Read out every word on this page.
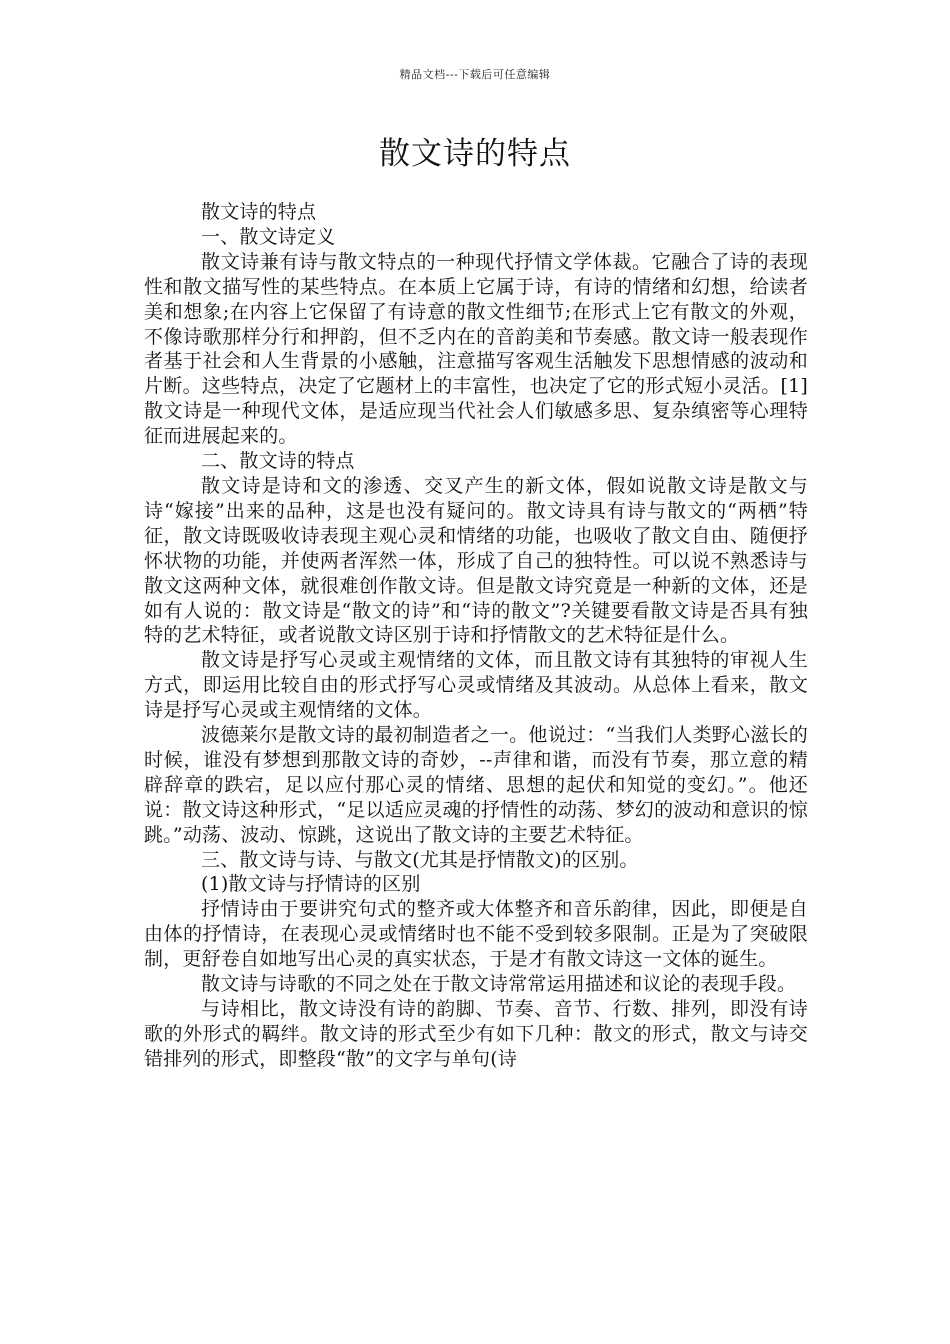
精品文档---下载后可任意编辑
散文诗的特点

散文诗的特点

一、散文诗定义

散文诗兼有诗与散文特点的一种现代抒情文学体裁。它融合了诗的表现性和散文描写性的某些特点。在本质上它属于诗，有诗的情绪和幻想，给读者美和想象;在内容上它保留了有诗意的散文性细节;在形式上它有散文的外观，不像诗歌那样分行和押韵，但不乏内在的音韵美和节奏感。散文诗一般表现作者基于社会和人生背景的小感触，注意描写客观生活触发下思想情感的波动和片断。这些特点，决定了它题材上的丰富性，也决定了它的形式短小灵活。[1]散文诗是一种现代文体，是适应现当代社会人们敏感多思、复杂缜密等心理特征而进展起来的。

二、散文诗的特点

散文诗是诗和文的渗透、交叉产生的新文体，假如说散文诗是散文与诗“嫁接”出来的品种，这是也没有疑问的。散文诗具有诗与散文的“两栖”特征，散文诗既吸收诗表现主观心灵和情绪的功能，也吸收了散文自由、随便抒怀状物的功能，并使两者浑然一体，形成了自己的独特性。可以说不熟悉诗与散文这两种文体，就很难创作散文诗。但是散文诗究竟是一种新的文体，还是如有人说的：散文诗是“散文的诗”和“诗的散文”?关键要看散文诗是否具有独特的艺术特征，或者说散文诗区别于诗和抒情散文的艺术特征是什么。

散文诗是抒写心灵或主观情绪的文体，而且散文诗有其独特的审视人生方式，即运用比较自由的形式抒写心灵或情绪及其波动。从总体上看来，散文诗是抒写心灵或主观情绪的文体。

波德莱尔是散文诗的最初制造者之一。他说过：“当我们人类野心滋长的时候，谁没有梦想到那散文诗的奇妙，--声律和谐，而没有节奏，那立意的精辟辞章的跌宕，足以应付那心灵的情绪、思想的起伏和知觉的变幻。”。他还说：散文诗这种形式，“足以适应灵魂的抒情性的动荡、梦幻的波动和意识的惊跳。”动荡、波动、惊跳，这说出了散文诗的主要艺术特征。

三、散文诗与诗、与散文(尤其是抒情散文)的区别。

(1)散文诗与抒情诗的区别

抒情诗由于要讲究句式的整齐或大体整齐和音乐韵律，因此，即便是自由体的抒情诗，在表现心灵或情绪时也不能不受到较多限制。正是为了突破限制，更舒卷自如地写出心灵的真实状态，于是才有散文诗这一文体的诞生。

散文诗与诗歌的不同之处在于散文诗常常运用描述和议论的表现手段。

与诗相比，散文诗没有诗的韵脚、节奏、音节、行数、排列，即没有诗歌的外形式的羁绊。散文诗的形式至少有如下几种：散文的形式，散文与诗交错排列的形式，即整段“散”的文字与单句(诗
